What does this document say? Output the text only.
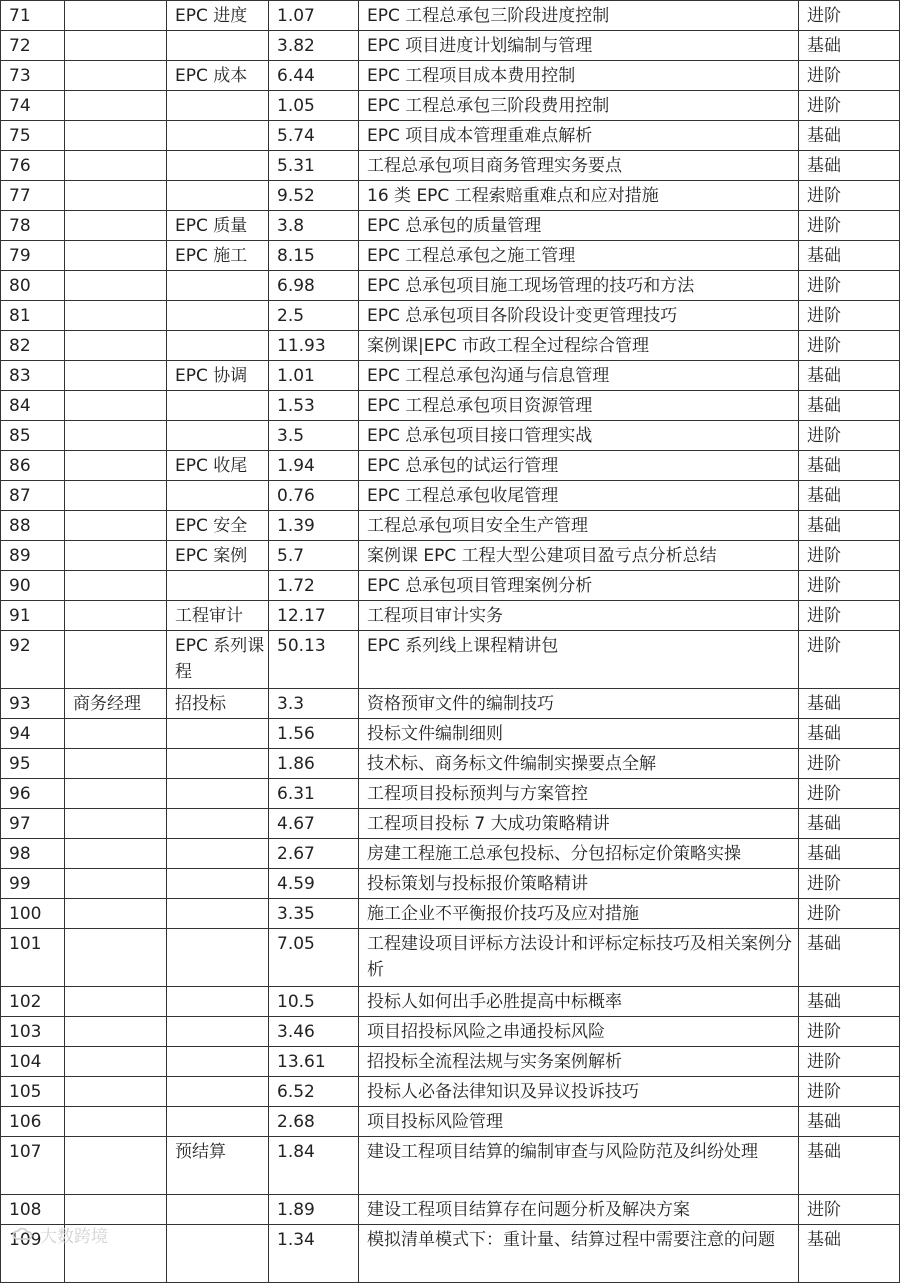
71		EPC 进度	1.07	EPC 工程总承包三阶段进度控制	进阶
72			3.82	EPC 项目进度计划编制与管理	基础
73		EPC 成本	6.44	EPC 工程项目成本费用控制	进阶
74			1.05	EPC 工程总承包三阶段费用控制	进阶
75			5.74	EPC 项目成本管理重难点解析	基础
76			5.31	工程总承包项目商务管理实务要点	基础
77			9.52	16 类 EPC 工程索赔重难点和应对措施	进阶
78		EPC 质量	3.8	EPC 总承包的质量管理	进阶
79		EPC 施工	8.15	EPC 工程总承包之施工管理	基础
80			6.98	EPC 总承包项目施工现场管理的技巧和方法	进阶
81			2.5	EPC 总承包项目各阶段设计变更管理技巧	进阶
82			11.93	案例课|EPC 市政工程全过程综合管理	进阶
83		EPC 协调	1.01	EPC 工程总承包沟通与信息管理	基础
84			1.53	EPC 工程总承包项目资源管理	基础
85			3.5	EPC 总承包项目接口管理实战	进阶
86		EPC 收尾	1.94	EPC 总承包的试运行管理	基础
87			0.76	EPC 工程总承包收尾管理	基础
88		EPC 安全	1.39	工程总承包项目安全生产管理	基础
89		EPC 案例	5.7	案例课 EPC 工程大型公建项目盈亏点分析总结	进阶
90			1.72	EPC 总承包项目管理案例分析	进阶
91		工程审计	12.17	工程项目审计实务	进阶
92		EPC 系列课程	50.13	EPC 系列线上课程精讲包	进阶
93	商务经理	招投标	3.3	资格预审文件的编制技巧	基础
94			1.56	投标文件编制细则	基础
95			1.86	技术标、商务标文件编制实操要点全解	进阶
96			6.31	工程项目投标预判与方案管控	进阶
97			4.67	工程项目投标 7 大成功策略精讲	基础
98			2.67	房建工程施工总承包投标、分包招标定价策略实操	基础
99			4.59	投标策划与投标报价策略精讲	进阶
100			3.35	施工企业不平衡报价技巧及应对措施	进阶
101			7.05	工程建设项目评标方法设计和评标定标技巧及相关案例分析	基础
102			10.5	投标人如何出手必胜提高中标概率	基础
103			3.46	项目招投标风险之串通投标风险	进阶
104			13.61	招投标全流程法规与实务案例解析	进阶
105			6.52	投标人必备法律知识及异议投诉技巧	进阶
106			2.68	项目投标风险管理	基础
107		预结算	1.84	建设工程项目结算的编制审查与风险防范及纠纷处理	基础
108			1.89	建设工程项目结算存在问题分析及解决方案	进阶
109			1.34	模拟清单模式下：重计量、结算过程中需要注意的问题	基础
大数跨境
